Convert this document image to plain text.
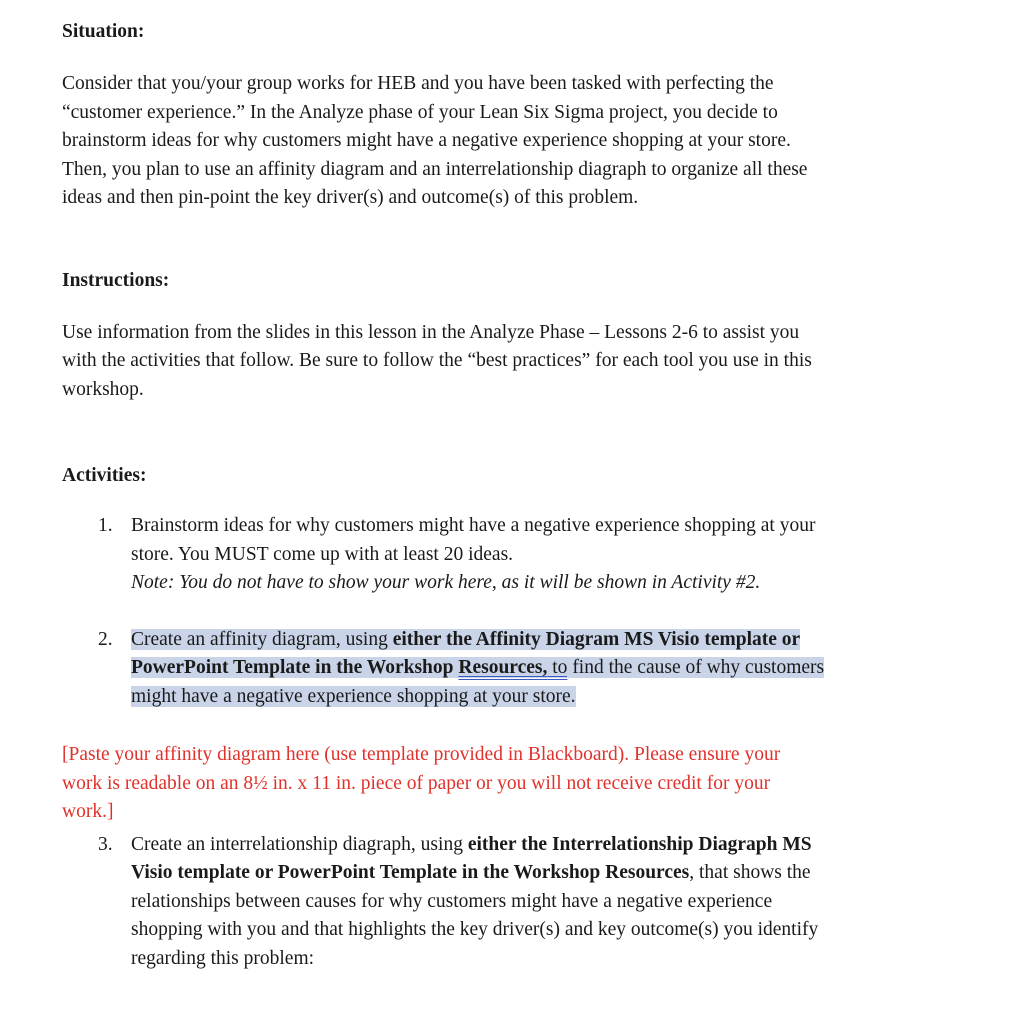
Situation:

Consider that you/your group works for HEB and you have been tasked with perfecting the
“customer experience.” In the Analyze phase of your Lean Six Sigma project, you decide to
brainstorm ideas for why customers might have a negative experience shopping at your store.
Then, you plan to use an affinity diagram and an interrelationship diagraph to organize all these
ideas and then pin-point the key driver(s) and outcome(s) of this problem.

Instructions:

Use information from the slides in this lesson in the Analyze Phase – Lessons 2-6 to assist you
with the activities that follow. Be sure to follow the “best practices” for each tool you use in this
workshop.

Activities:

1. Brainstorm ideas for why customers might have a negative experience shopping at your
store. You MUST come up with at least 20 ideas.
Note: You do not have to show your work here, as it will be shown in Activity #2.
2. Create an affinity diagram, using either the Affinity Diagram MS Visio template or
PowerPoint Template in the Workshop Resources, to find the cause of why customers
might have a negative experience shopping at your store.

[Paste your affinity diagram here (use template provided in Blackboard). Please ensure your
work is readable on an 8½ in. x 11 in. piece of paper or you will not receive credit for your
work.]

3. Create an interrelationship diagraph, using either the Interrelationship Diagraph MS
Visio template or PowerPoint Template in the Workshop Resources, that shows the
relationships between causes for why customers might have a negative experience
shopping with you and that highlights the key driver(s) and key outcome(s) you identify
regarding this problem:
